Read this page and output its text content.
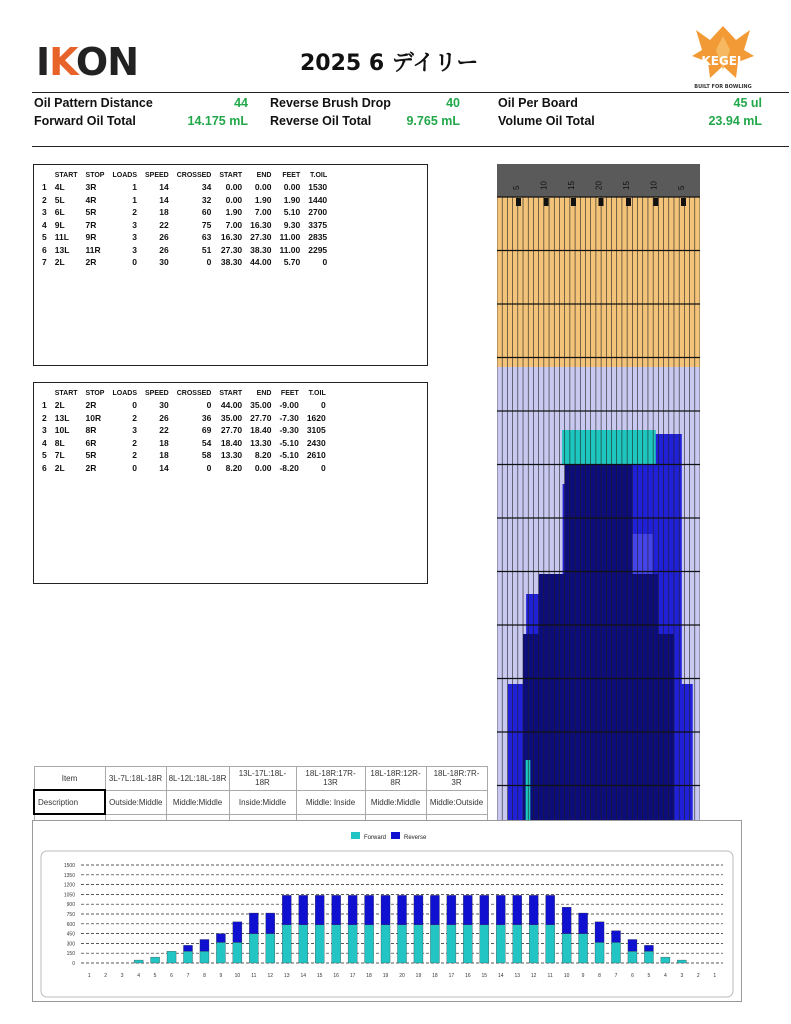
IKON	2025 6 デイリー	KEGEL
BUILT FOR BOWLING
Oil Pattern Distance	44 Reverse Brush Drop	40	Oil Per Board	45 ul
Forward Oil Total	14.175 mL Reverse Oil Total	9.765 mL	Volume Oil Total	23.94 mL
	START	STOP	LOADS	SPEED	CROSSED	START	END	FEET	T.OIL
1	4L	3R	1	14	34	0.00	0.00	0.00	1530
2	5L	4R	1	14	32	0.00	1.90	1.90	1440
3	6L	5R	2	18	60	1.90	7.00	5.10	2700
4	9L	7R	3	22	75	7.00	16.30	9.30	3375
5	11L	9R	3	26	63	16.30	27.30	11.00	2835
6	13L	11R	3	26	51	27.30	38.30	11.00	2295
7	2L	2R	0	30	0	38.30	44.00	5.70	0
	START	STOP	LOADS	SPEED	CROSSED	START	END	FEET	T.OIL
1	2L	2R	0	30	0	44.00	35.00	-9.00	0
2	13L	10R	2	26	36	35.00	27.70	-7.30	1620
3	10L	8R	3	22	69	27.70	18.40	-9.30	3105
4	8L	6R	2	18	54	18.40	13.30	-5.10	2430
5	7L	5R	2	18	58	13.30	8.20	-5.10	2610
6	2L	2R	0	14	0	8.20	0.00	-8.20	0
5 10 15 20 15 10 5
Item	3L-7L:18L-18R	8L-12L:18L-18R	13L-17L:18L-18R	18L-18R:17R-13R	18L-18R:12R-8R	18L-18R:7R-3R
Description	Outside:Middle	Middle:Middle	Inside:Middle	Middle: Inside	Middle:Middle	Middle:Outside

Forward	Reverse
1500
1350
1200
1050
900
750
600
450
300
150
0
1	2	3	4	5	6	7	8	9 10 11 12 13 14 15 16 17 18 19 20 19 18 17 16 15 14 13 12 11 10 9	8	7	6	5	4	3	2	1
